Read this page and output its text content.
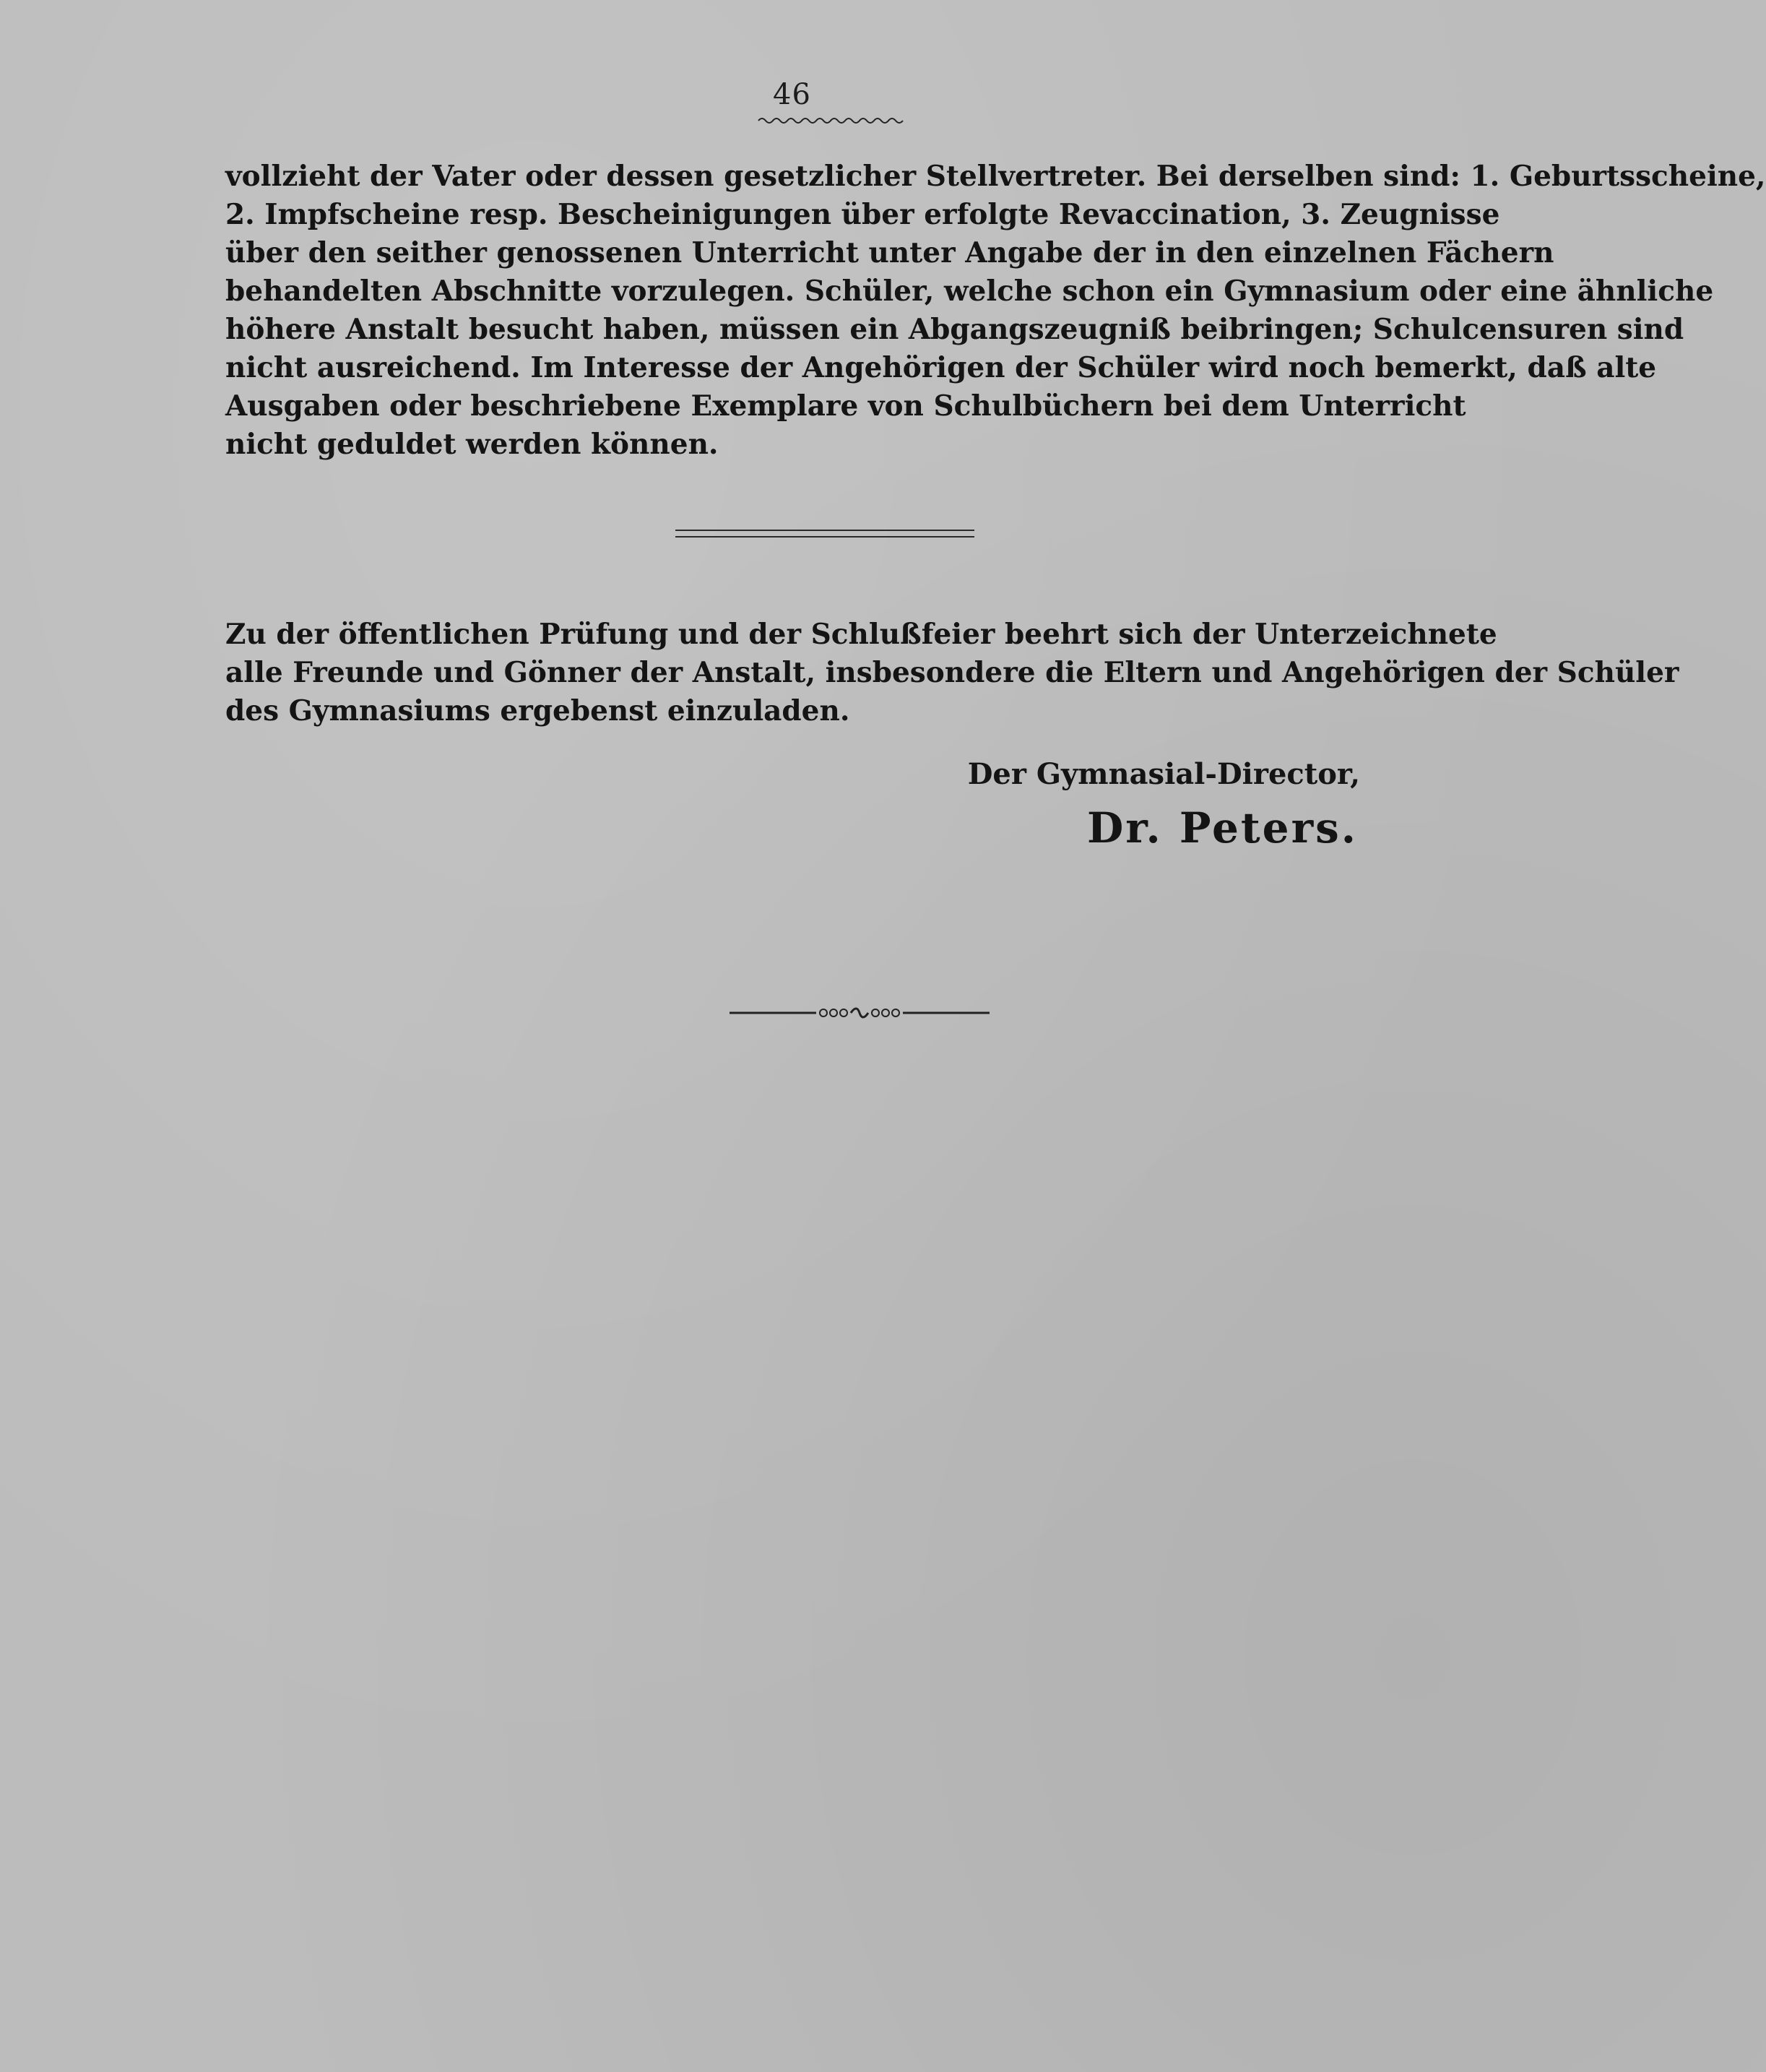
46
vollzieht der Vater oder dessen gesetzlicher Stellvertreter. Bei derselben sind: 1. Geburtsscheine,
2. Impfscheine resp. Bescheinigungen über erfolgte Revaccination, 3. Zeugnisse
über den seither genossenen Unterricht unter Angabe der in den einzelnen Fächern
behandelten Abschnitte vorzulegen. Schüler, welche schon ein Gymnasium oder eine ähnliche
höhere Anstalt besucht haben, müssen ein Abgangszeugniß beibringen; Schulcensuren sind
nicht ausreichend. Im Interesse der Angehörigen der Schüler wird noch bemerkt, daß alte
Ausgaben oder beschriebene Exemplare von Schulbüchern bei dem Unterricht
nicht geduldet werden können.
Zu der öffentlichen Prüfung und der Schlußfeier beehrt sich der Unterzeichnete
alle Freunde und Gönner der Anstalt, insbesondere die Eltern und Angehörigen der Schüler
des Gymnasiums ergebenst einzuladen.
Der Gymnasial-Director,
Dr. Peters.
